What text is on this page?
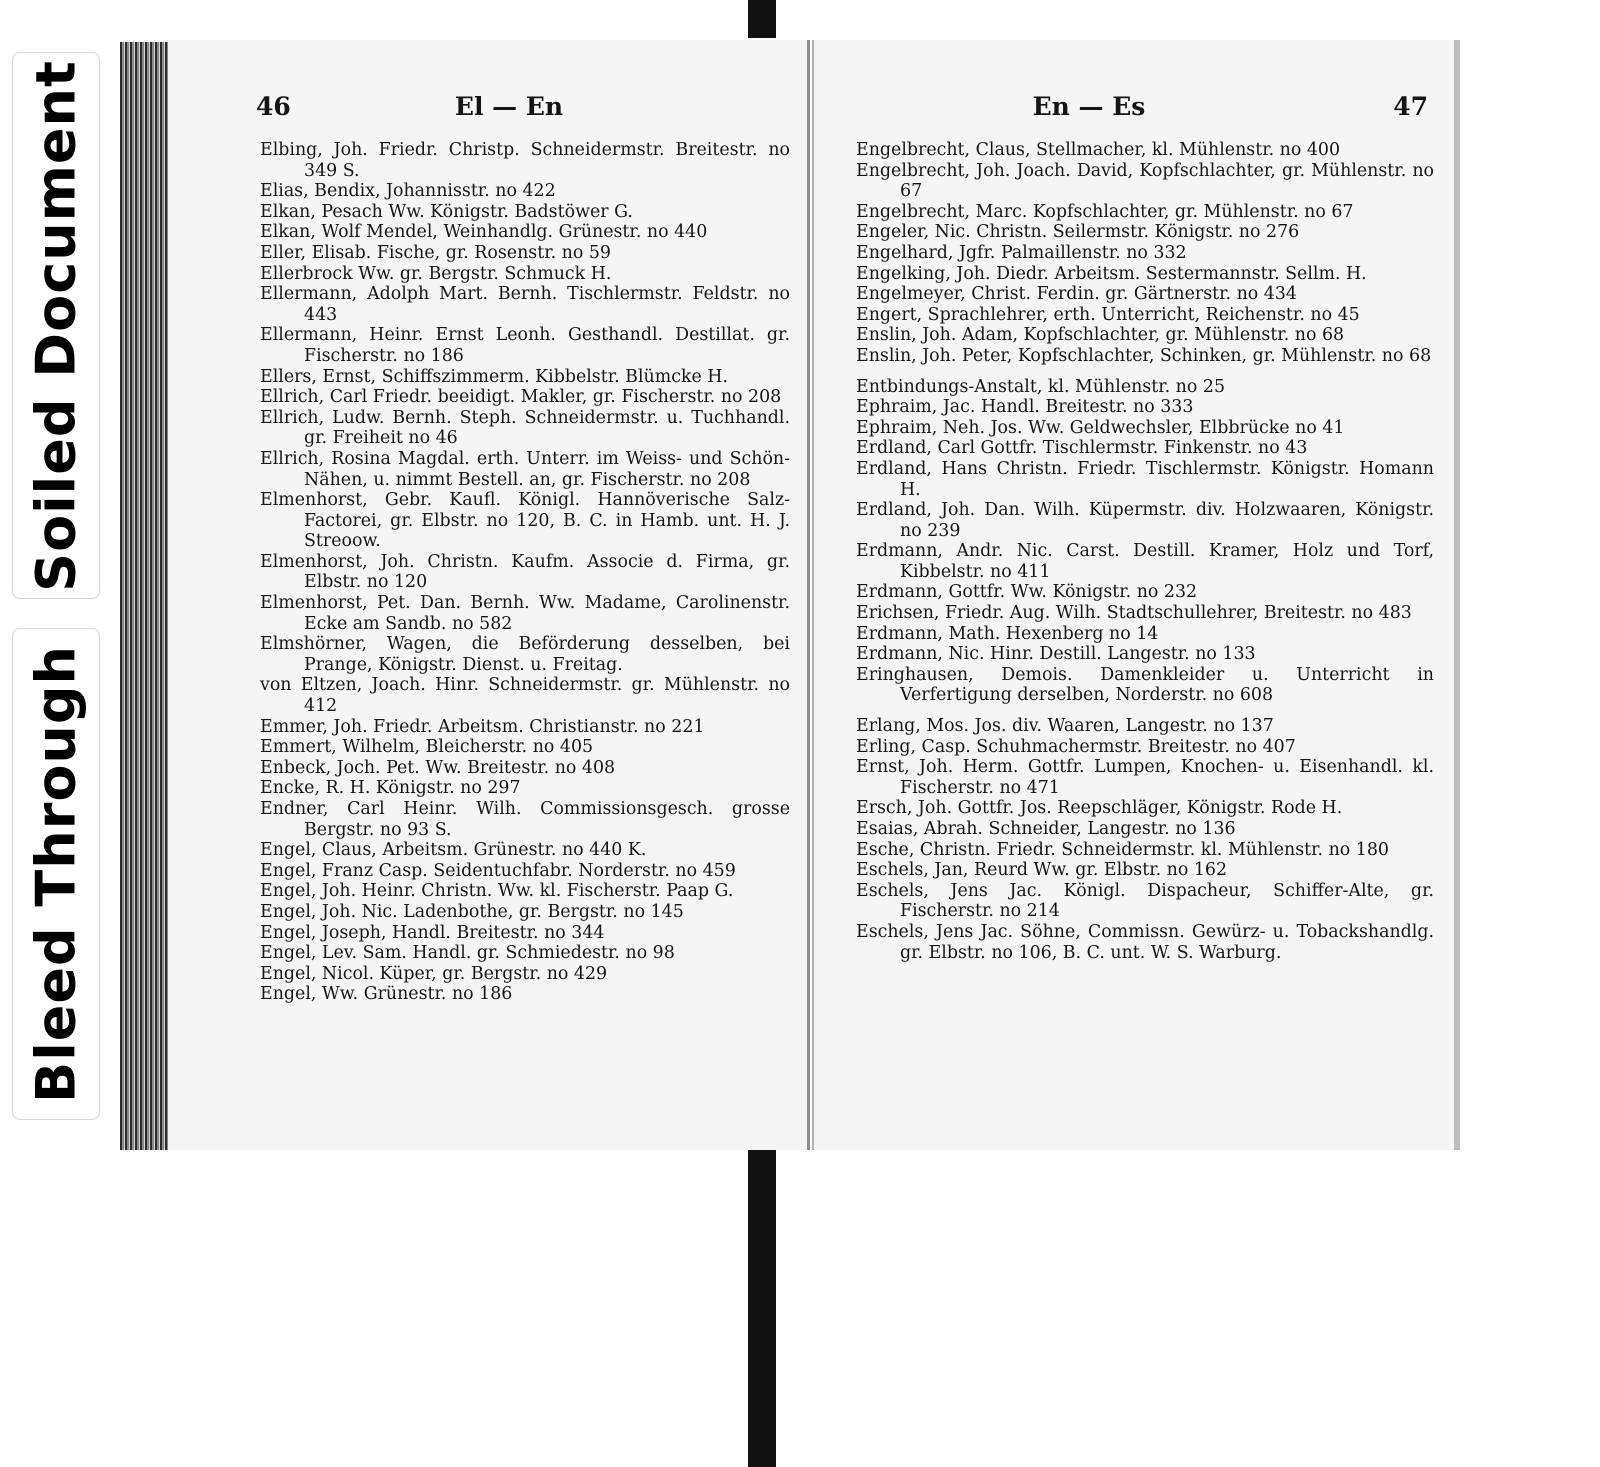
Soiled Document
Bleed Through
46	El — En
Elbing, Joh. Friedr. Christp. Schneidermstr. Breitestr. no 349 S.
Elias, Bendix, Johannisstr. no 422
Elkan, Pesach Ww. Königstr. Badstöwer G.
Elkan, Wolf Mendel, Weinhandlg. Grünestr. no 440
Eller, Elisab. Fische, gr. Rosenstr. no 59
Ellerbrock Ww. gr. Bergstr. Schmuck H.
Ellermann, Adolph Mart. Bernh. Tischlermstr. Feldstr. no 443
Ellermann, Heinr. Ernst Leonh. Gesthandl. Destillat. gr. Fischerstr. no 186
Ellers, Ernst, Schiffszimmerm. Kibbelstr. Blümcke H.
Ellrich, Carl Friedr. beeidigt. Makler, gr. Fischerstr. no 208
Ellrich, Ludw. Bernh. Steph. Schneidermstr. u. Tuchhandl. gr. Freiheit no 46
Ellrich, Rosina Magdal. erth. Unterr. im Weiss- und Schön-Nähen, u. nimmt Bestell. an, gr. Fischerstr. no 208
Elmenhorst, Gebr. Kaufl. Königl. Hannöverische Salz-Factorei, gr. Elbstr. no 120, B. C. in Hamb. unt. H. J. Streoow.
Elmenhorst, Joh. Christn. Kaufm. Associe d. Firma, gr. Elbstr. no 120
Elmenhorst, Pet. Dan. Bernh. Ww. Madame, Carolinenstr. Ecke am Sandb. no 582
Elmshörner, Wagen, die Beförderung desselben, bei Prange, Königstr. Dienst. u. Freitag.
von Eltzen, Joach. Hinr. Schneidermstr. gr. Mühlenstr. no 412
Emmer, Joh. Friedr. Arbeitsm. Christianstr. no 221
Emmert, Wilhelm, Bleicherstr. no 405
Enbeck, Joch. Pet. Ww. Breitestr. no 408
Encke, R. H. Königstr. no 297
Endner, Carl Heinr. Wilh. Commissionsgesch. grosse Bergstr. no 93 S.
Engel, Claus, Arbeitsm. Grünestr. no 440 K.
Engel, Franz Casp. Seidentuchfabr. Norderstr. no 459
Engel, Joh. Heinr. Christn. Ww. kl. Fischerstr. Paap G.
Engel, Joh. Nic. Ladenbothe, gr. Bergstr. no 145
Engel, Joseph, Handl. Breitestr. no 344
Engel, Lev. Sam. Handl. gr. Schmiedestr. no 98
Engel, Nicol. Küper, gr. Bergstr. no 429
Engel, Ww. Grünestr. no 186
En — Es	47
Engelbrecht, Claus, Stellmacher, kl. Mühlenstr. no 400
Engelbrecht, Joh. Joach. David, Kopfschlachter, gr. Mühlenstr. no 67
Engelbrecht, Marc. Kopfschlachter, gr. Mühlenstr. no 67
Engeler, Nic. Christn. Seilermstr. Königstr. no 276
Engelhard, Jgfr. Palmaillenstr. no 332
Engelking, Joh. Diedr. Arbeitsm. Sestermannstr. Sellm. H.
Engelmeyer, Christ. Ferdin. gr. Gärtnerstr. no 434
Engert, Sprachlehrer, erth. Unterricht, Reichenstr. no 45
Enslin, Joh. Adam, Kopfschlachter, gr. Mühlenstr. no 68
Enslin, Joh. Peter, Kopfschlachter, Schinken, gr. Mühlenstr. no 68
Entbindungs-Anstalt, kl. Mühlenstr. no 25
Ephraim, Jac. Handl. Breitestr. no 333
Ephraim, Neh. Jos. Ww. Geldwechsler, Elbbrücke no 41
Erdland, Carl Gottfr. Tischlermstr. Finkenstr. no 43
Erdland, Hans Christn. Friedr. Tischlermstr. Königstr. Homann H.
Erdland, Joh. Dan. Wilh. Küpermstr. div. Holzwaaren, Königstr. no 239
Erdmann, Andr. Nic. Carst. Destill. Kramer, Holz und Torf, Kibbelstr. no 411
Erdmann, Gottfr. Ww. Königstr. no 232
Erichsen, Friedr. Aug. Wilh. Stadtschullehrer, Breitestr. no 483
Erdmann, Math. Hexenberg no 14
Erdmann, Nic. Hinr. Destill. Langestr. no 133
Eringhausen, Demois. Damenkleider u. Unterricht in Verfertigung derselben, Norderstr. no 608
Erlang, Mos. Jos. div. Waaren, Langestr. no 137
Erling, Casp. Schuhmachermstr. Breitestr. no 407
Ernst, Joh. Herm. Gottfr. Lumpen, Knochen- u. Eisenhandl. kl. Fischerstr. no 471
Ersch, Joh. Gottfr. Jos. Reepschläger, Königstr. Rode H.
Esaias, Abrah. Schneider, Langestr. no 136
Esche, Christn. Friedr. Schneidermstr. kl. Mühlenstr. no 180
Eschels, Jan, Reurd Ww. gr. Elbstr. no 162
Eschels, Jens Jac. Königl. Dispacheur, Schiffer-Alte, gr. Fischerstr. no 214
Eschels, Jens Jac. Söhne, Commissn. Gewürz- u. Tobackshandlg. gr. Elbstr. no 106, B. C. unt. W. S. Warburg.
